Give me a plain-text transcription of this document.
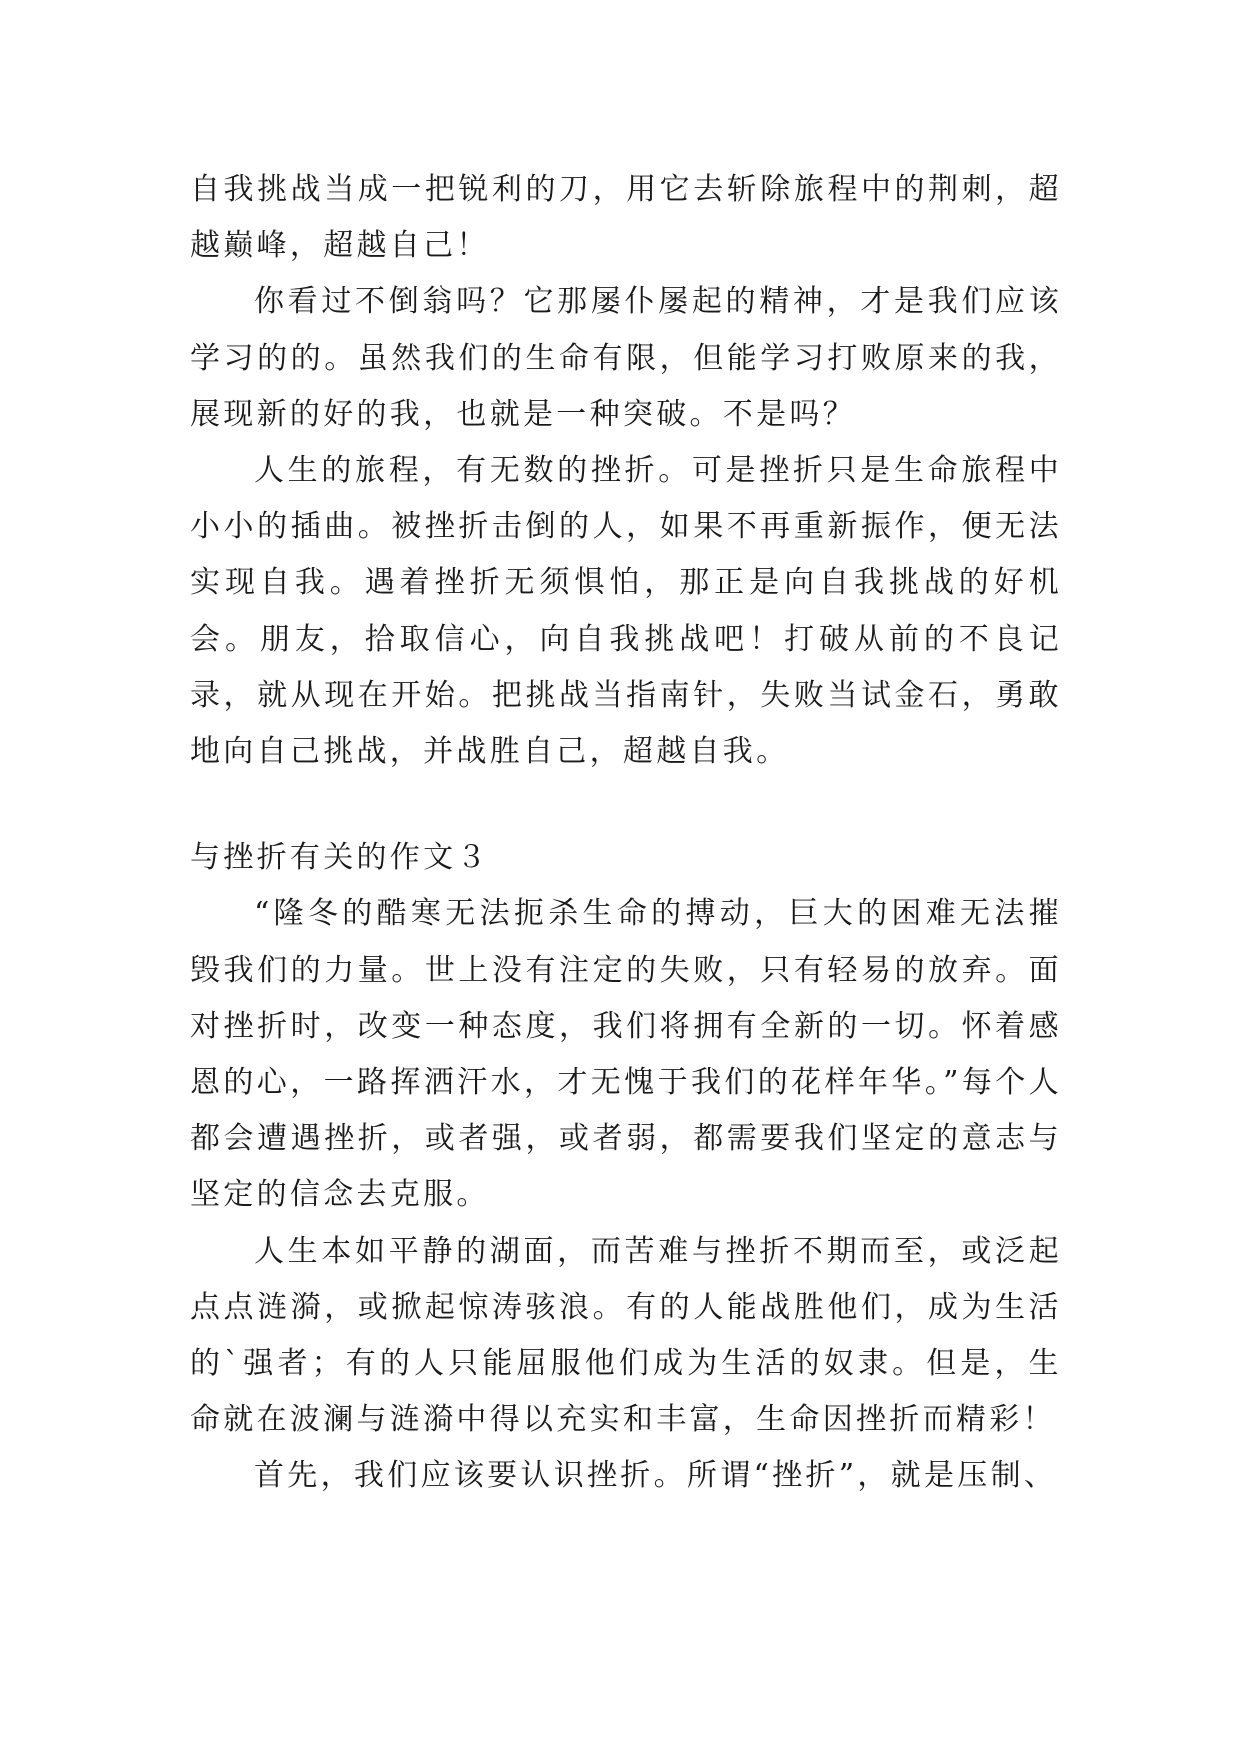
自我挑战当成一把锐利的刀，用它去斩除旅程中的荆刺，超越巅峰，超越自己！

你看过不倒翁吗？它那屡仆屡起的精神，才是我们应该学习的的。虽然我们的生命有限，但能学习打败原来的我，展现新的好的我，也就是一种突破。不是吗？

人生的旅程，有无数的挫折。可是挫折只是生命旅程中小小的插曲。被挫折击倒的人，如果不再重新振作，便无法实现自我。遇着挫折无须惧怕，那正是向自我挑战的好机会。朋友，拾取信心，向自我挑战吧！打破从前的不良记录，就从现在开始。把挑战当指南针，失败当试金石，勇敢地向自己挑战，并战胜自己，超越自我。

与挫折有关的作文３

“隆冬的酷寒无法扼杀生命的搏动，巨大的困难无法摧毁我们的力量。世上没有注定的失败，只有轻易的放弃。面对挫折时，改变一种态度，我们将拥有全新的一切。怀着感恩的心，一路挥洒汗水，才无愧于我们的花样年华。”每个人都会遭遇挫折，或者强，或者弱，都需要我们坚定的意志与坚定的信念去克服。

人生本如平静的湖面，而苦难与挫折不期而至，或泛起点点涟漪，或掀起惊涛骇浪。有的人能战胜他们，成为生活的`强者；有的人只能屈服他们成为生活的奴隶。但是，生命就在波澜与涟漪中得以充实和丰富，生命因挫折而精彩！

首先，我们应该要认识挫折。所谓“挫折”，就是压制、
